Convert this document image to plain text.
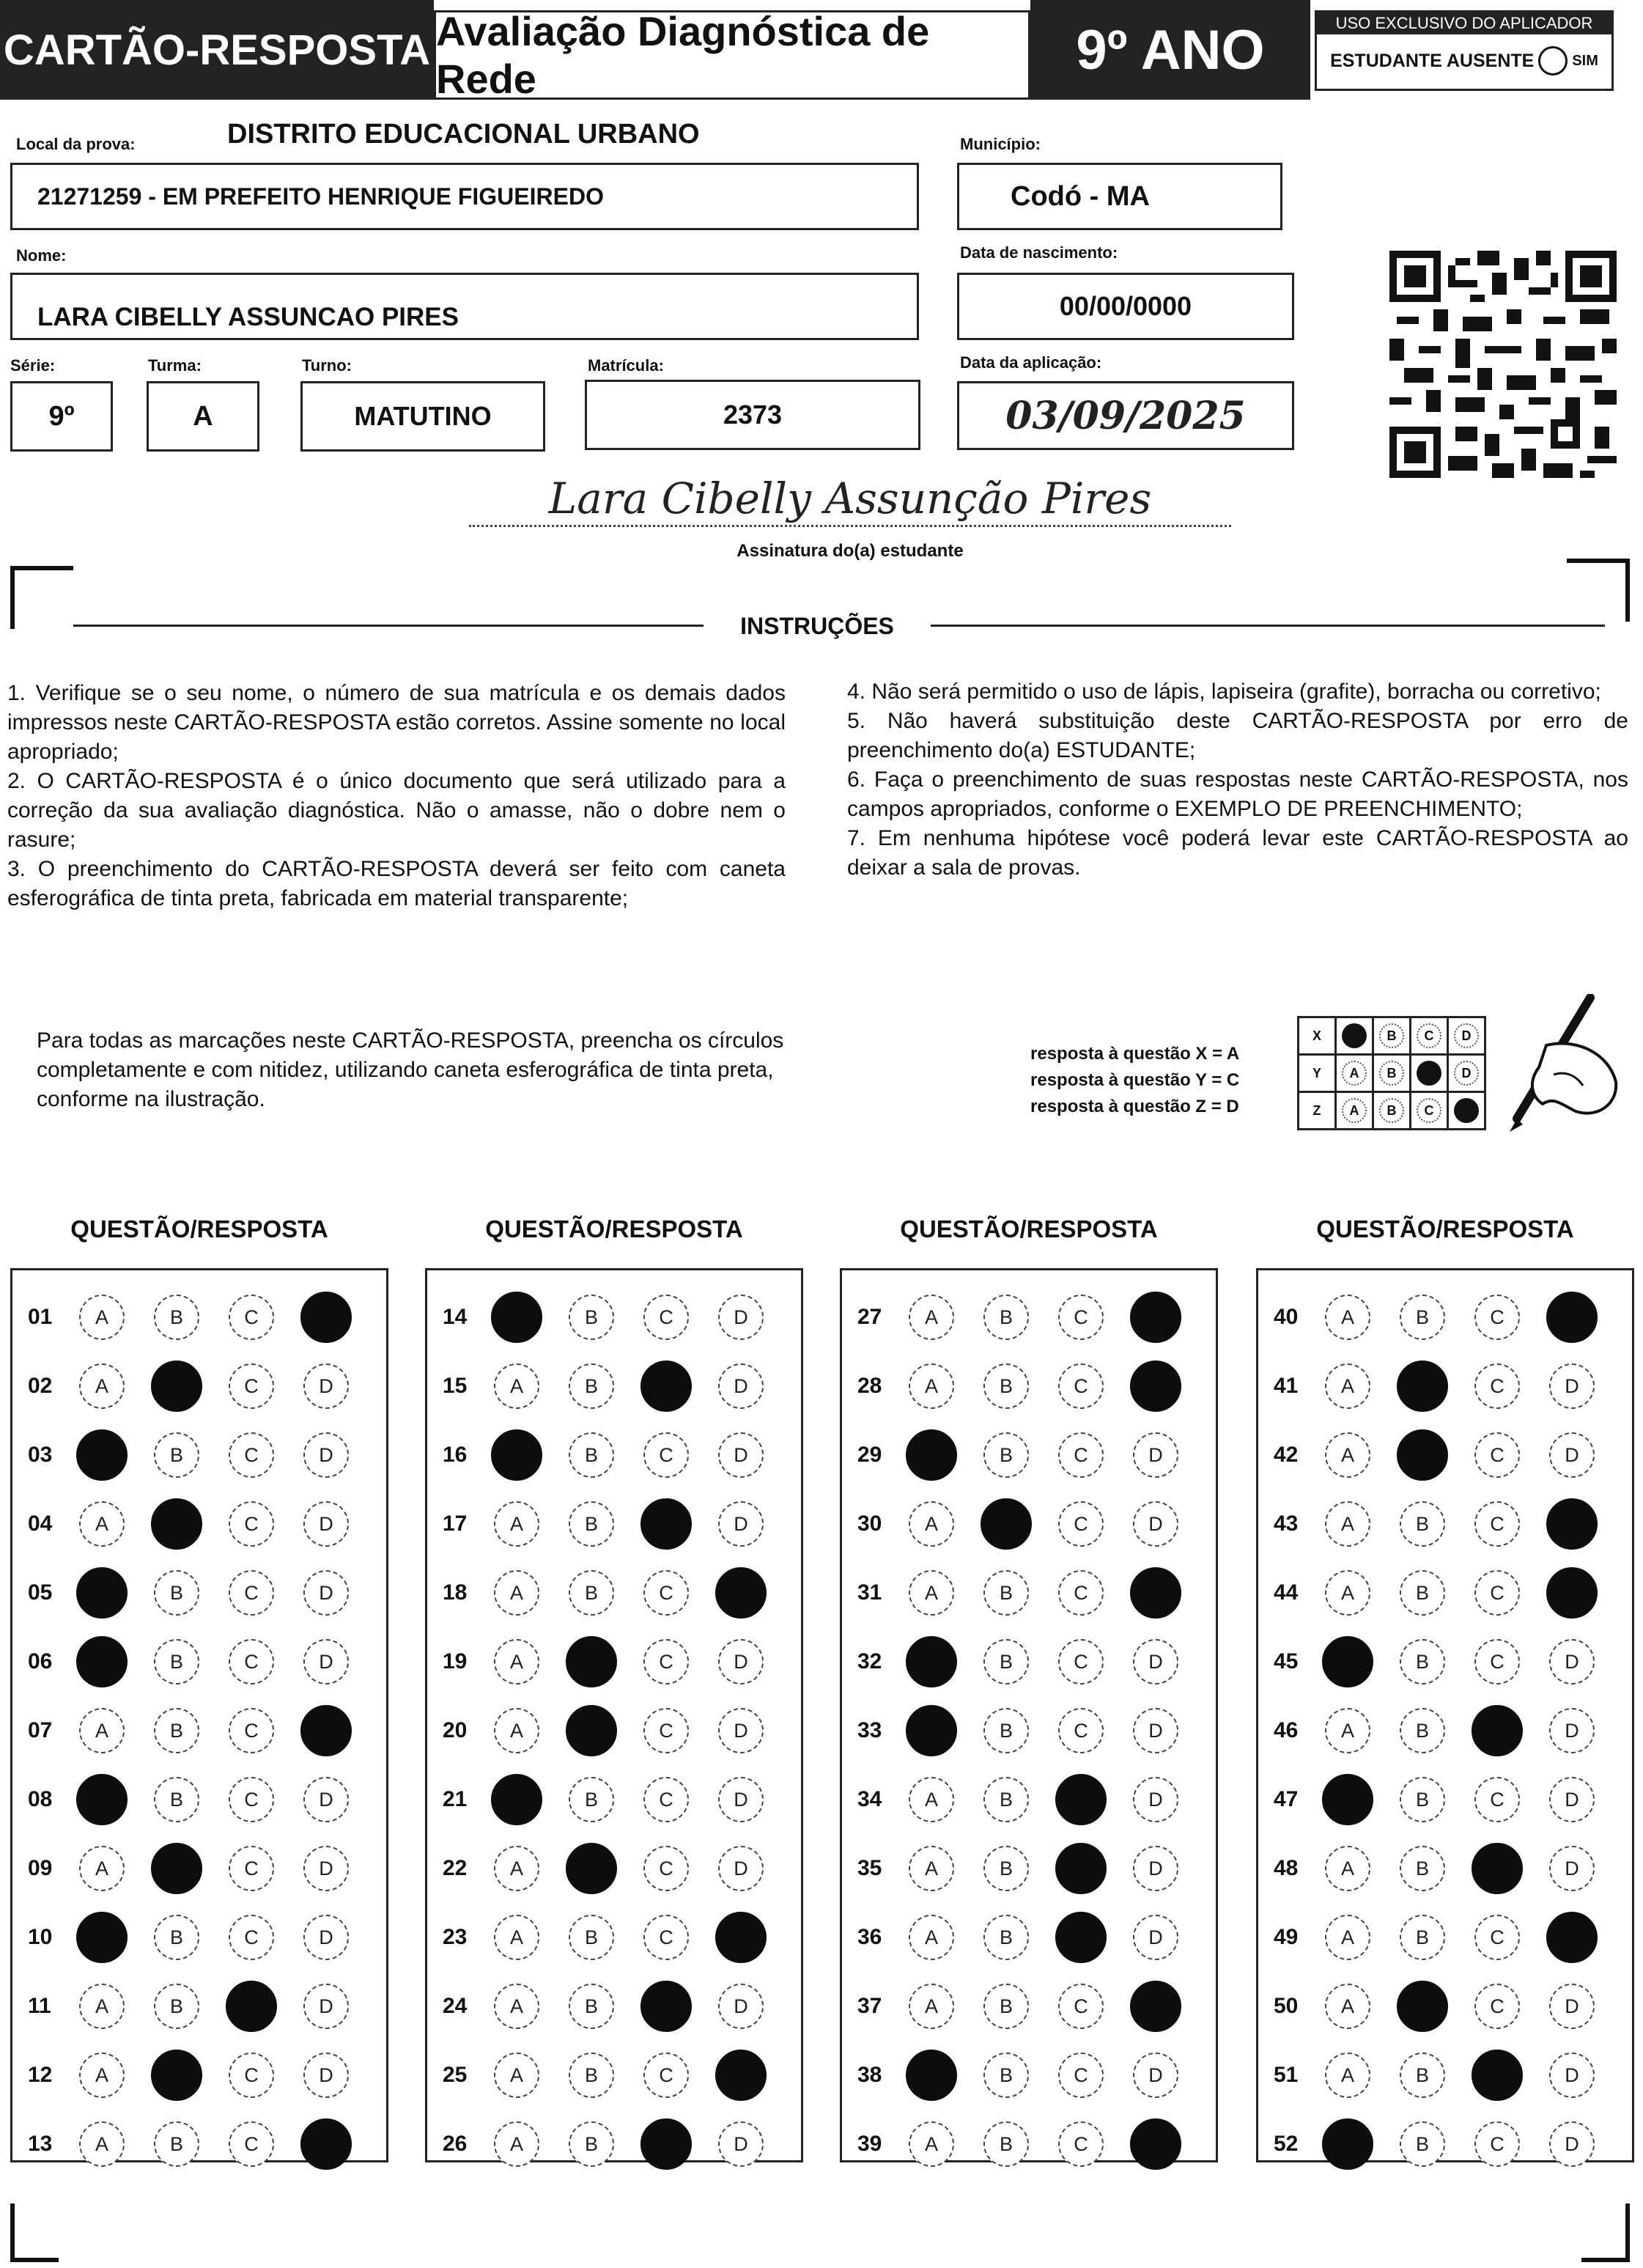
CARTÃO-RESPOSTA Avaliação Diagnóstica de Rede	9º ANO	USO EXCLUSIVO DO APLICADOR
ESTUDANTE AUSENTE	SIM
Local da prova:	DISTRITO EDUCACIONAL URBANO
21271259 - EM PREFEITO HENRIQUE FIGUEIREDO
Município:
Codó - MA
Nome:
LARA CIBELLY ASSUNCAO PIRES
Data de nascimento:
00/00/0000
Série:
9º
Turma:
A
Turno:
MATUTINO
Matrícula:
2373
Data da aplicação:
03/09/2025
Lara Cibelly Assunção Pires
Assinatura do(a) estudante
INSTRUÇÕES

1. Verifique se o seu nome, o número de sua matrícula e os demais dados impressos neste CARTÃO-RESPOSTA estão corretos. Assine somente no local apropriado;

2. O CARTÃO-RESPOSTA é o único documento que será utilizado para a correção da sua avaliação diagnóstica. Não o amasse, não o dobre nem o rasure;

3. O preenchimento do CARTÃO-RESPOSTA deverá ser feito com caneta esferográfica de tinta preta, fabricada em material transparente;

4. Não será permitido o uso de lápis, lapiseira (grafite), borracha ou corretivo;

5. Não haverá substituição deste CARTÃO-RESPOSTA por erro de preenchimento do(a) ESTUDANTE;

6. Faça o preenchimento de suas respostas neste CARTÃO-RESPOSTA, nos campos apropriados, conforme o EXEMPLO DE PREENCHIMENTO;

7. Em nenhuma hipótese você poderá levar este CARTÃO-RESPOSTA ao deixar a sala de provas.

Para todas as marcações neste CARTÃO-RESPOSTA, preencha os círculos completamente e com nitidez, utilizando caneta esferográfica de tinta preta, conforme na ilustração.
resposta à questão X = A
resposta à questão Y = C
resposta à questão Z = D
X	A	B	C	D
Y	A	B	C	D
Z	A	B	C	D
QUESTÃO/RESPOSTA
01	A	B	C	D
02	A	B	C	D
03	A	B	C	D
04	A	B	C	D
05	A	B	C	D
06	A	B	C	D
07	A	B	C	D
08	A	B	C	D
09	A	B	C	D
10	A	B	C	D
11	A	B	C	D
12	A	B	C	D
13	A	B	C	D
QUESTÃO/RESPOSTA
14	A	B	C	D
15	A	B	C	D
16	A	B	C	D
17	A	B	C	D
18	A	B	C	D
19	A	B	C	D
20	A	B	C	D
21	A	B	C	D
22	A	B	C	D
23	A	B	C	D
24	A	B	C	D
25	A	B	C	D
26	A	B	C	D
QUESTÃO/RESPOSTA
27	A	B	C	D
28	A	B	C	D
29	A	B	C	D
30	A	B	C	D
31	A	B	C	D
32	A	B	C	D
33	A	B	C	D
34	A	B	C	D
35	A	B	C	D
36	A	B	C	D
37	A	B	C	D
38	A	B	C	D
39	A	B	C	D
QUESTÃO/RESPOSTA
40	A	B	C	D
41	A	B	C	D
42	A	B	C	D
43	A	B	C	D
44	A	B	C	D
45	A	B	C	D
46	A	B	C	D
47	A	B	C	D
48	A	B	C	D
49	A	B	C	D
50	A	B	C	D
51	A	B	C	D
52	A	B	C	D
